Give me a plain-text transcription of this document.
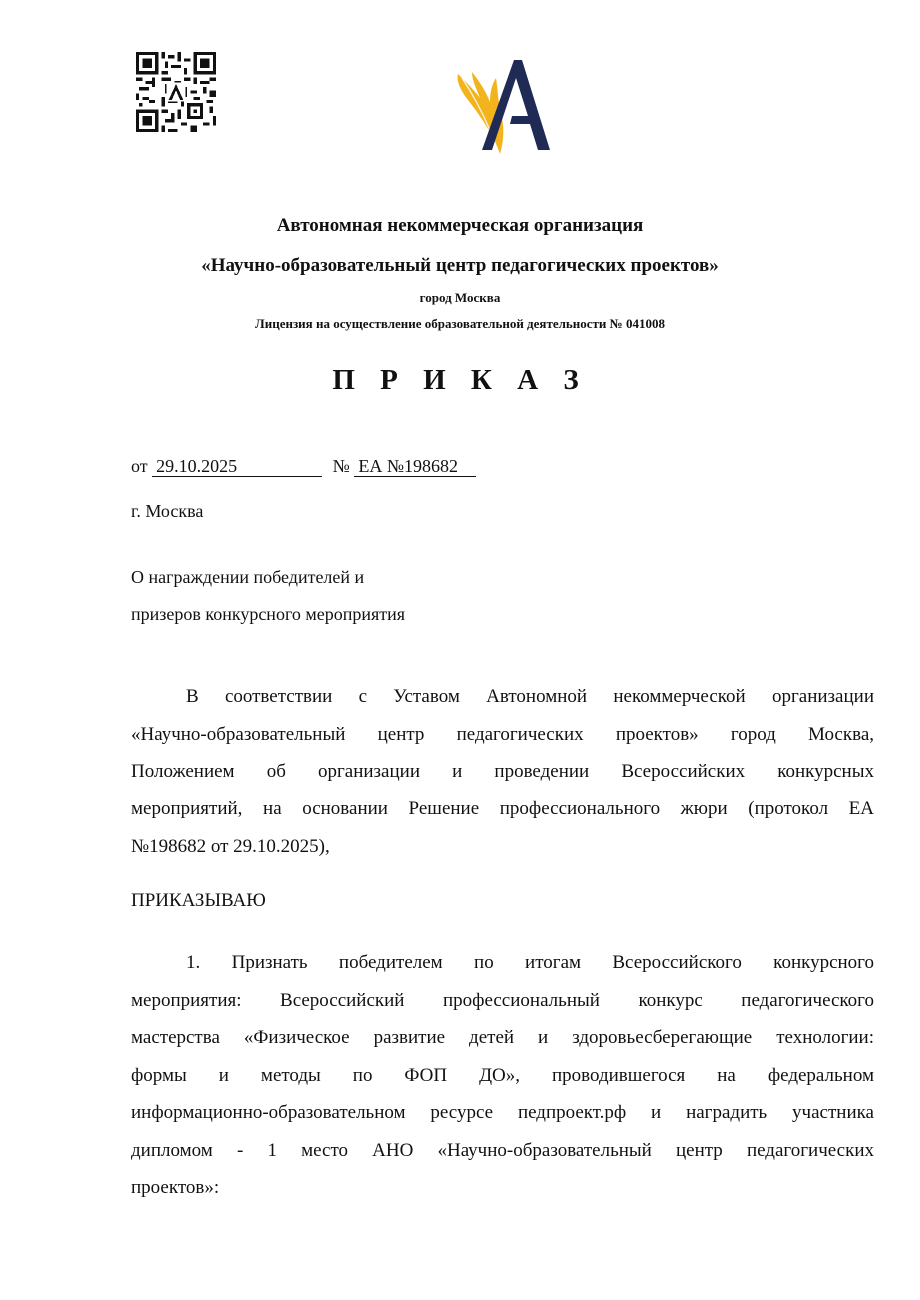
Автономная некоммерческая организация
«Научно-образовательный центр педагогических проектов»
город Москва
Лицензия на осуществление образовательной деятельности № 041008
П Р И К А З
от 29.10.2025	№ ЕА №198682
г. Москва
О награждении победителей и
призеров конкурсного мероприятия
В соответствии с Уставом Автономной некоммерческой организации
«Научно-образовательный центр педагогических проектов» город Москва,
Положением об организации и проведении Всероссийских конкурсных
мероприятий, на основании Решение профессионального жюри (протокол ЕА
№198682 от 29.10.2025),
ПРИКАЗЫВАЮ
1. Признать победителем по итогам Всероссийского конкурсного
мероприятия: Всероссийский профессиональный конкурс педагогического
мастерства «Физическое развитие детей и здоровьесберегающие технологии:
формы и методы по ФОП ДО», проводившегося на федеральном
информационно-образовательном ресурсе педпроект.рф и наградить участника
дипломом - 1 место АНО «Научно-образовательный центр педагогических
проектов»:
